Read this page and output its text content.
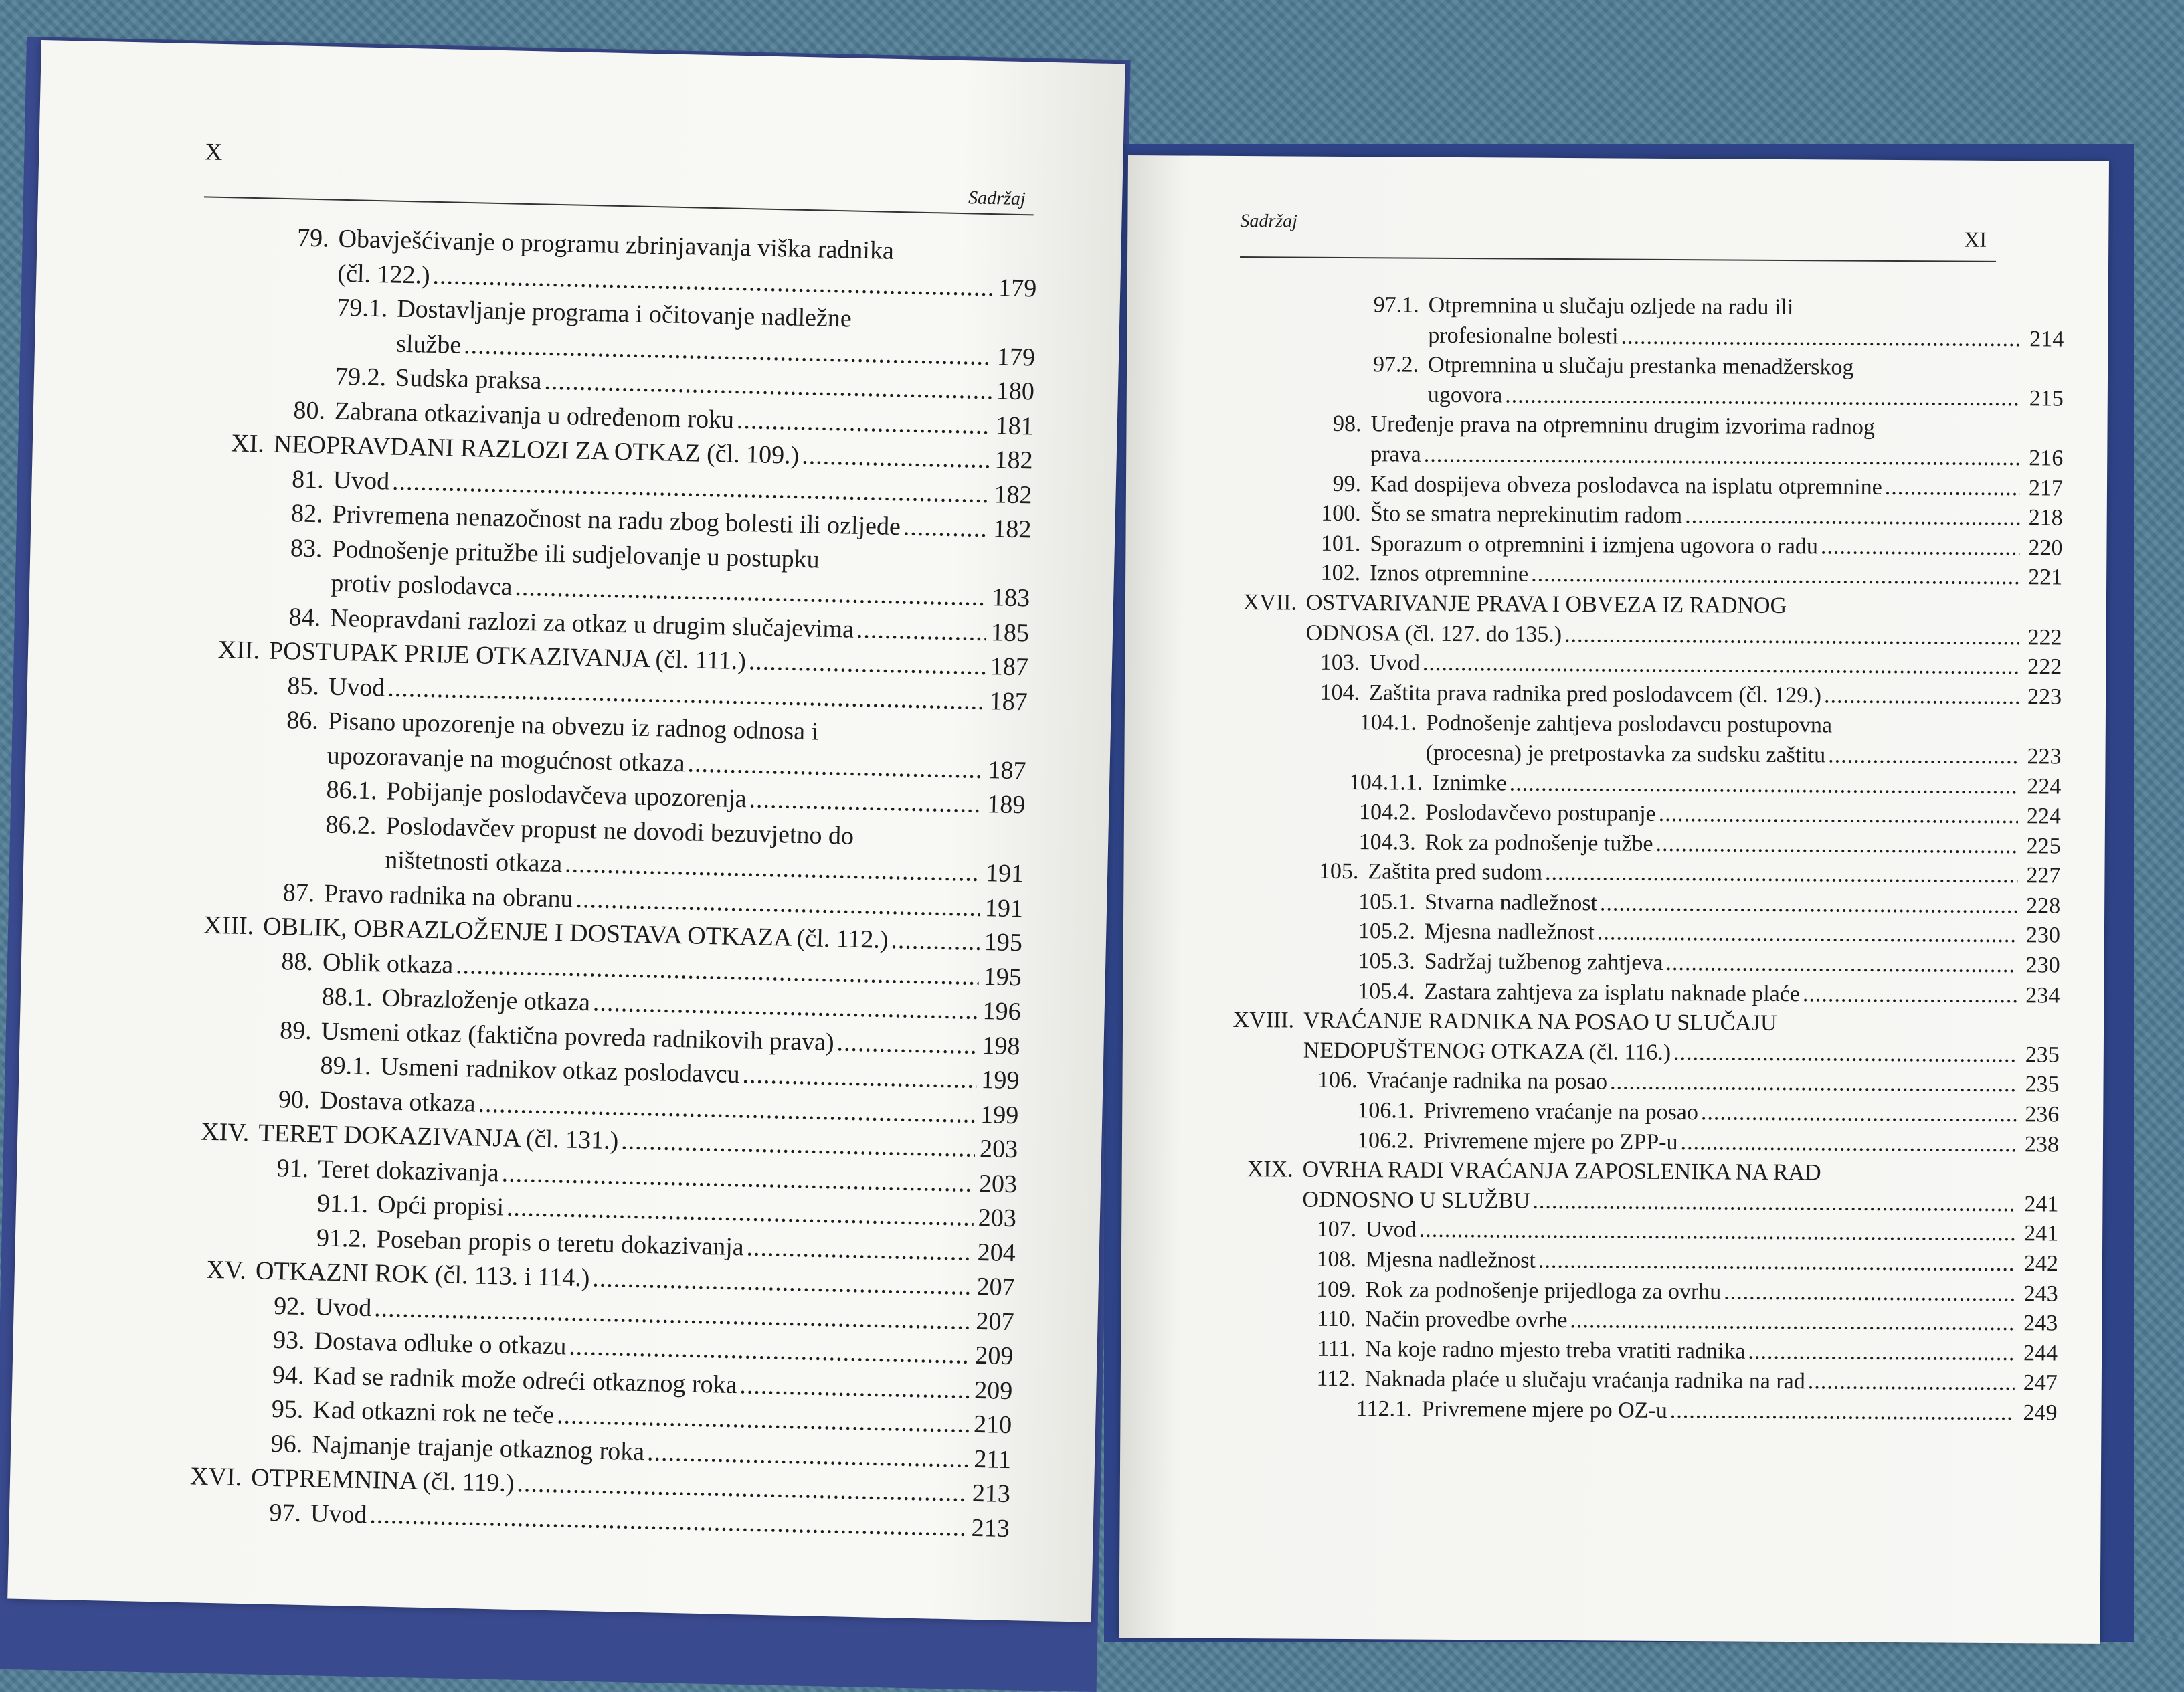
X
Sadržaj
79. Obavješćivanje o programu zbrinjavanja viška radnika
(čl. 122.) .....	179
79.1. Dostavljanje programa i očitovanje nadležne
službe .....	179
79.2. Sudska praksa .....	180
80. Zabrana otkazivanja u određenom roku .....	181
XI. NEOPRAVDANI RAZLOZI ZA OTKAZ (čl. 109.) .....	182
81. Uvod .....	182
82. Privremena nenazočnost na radu zbog bolesti ili ozljede .....	182
83. Podnošenje pritužbe ili sudjelovanje u postupku
protiv poslodavca .....	183
84. Neopravdani razlozi za otkaz u drugim slučajevima .....	185
XII. POSTUPAK PRIJE OTKAZIVANJA (čl. 111.) .....	187
85. Uvod .....	187
86. Pisano upozorenje na obvezu iz radnog odnosa i
upozoravanje na mogućnost otkaza .....	187
86.1. Pobijanje poslodavčeva upozorenja .....	189
86.2. Poslodavčev propust ne dovodi bezuvjetno do
ništetnosti otkaza .....	191
87. Pravo radnika na obranu .....	191
XIII. OBLIK, OBRAZLOŽENJE I DOSTAVA OTKAZA (čl. 112.) .....	195
88. Oblik otkaza .....	195
88.1. Obrazloženje otkaza .....	196
89. Usmeni otkaz (faktična povreda radnikovih prava) .....	198
89.1. Usmeni radnikov otkaz poslodavcu .....	199
90. Dostava otkaza .....	199
XIV. TERET DOKAZIVANJA (čl. 131.) .....	203
91. Teret dokazivanja .....	203
91.1. Opći propisi .....	203
91.2. Poseban propis o teretu dokazivanja .....	204
XV. OTKAZNI ROK (čl. 113. i 114.) .....	207
92. Uvod .....	207
93. Dostava odluke o otkazu .....	209
94. Kad se radnik može odreći otkaznog roka .....	209
95. Kad otkazni rok ne teče .....	210
96. Najmanje trajanje otkaznog roka .....	211
XVI. OTPREMNINA (čl. 119.) .....	213
97. Uvod .....	213
Sadržaj
XI
97.1. Otpremnina u slučaju ozljede na radu ili
profesionalne bolesti .....	214
97.2. Otpremnina u slučaju prestanka menadžerskog
ugovora .....	215
98. Uređenje prava na otpremninu drugim izvorima radnog
prava .....	216
99. Kad dospijeva obveza poslodavca na isplatu otpremnine .....	217
100. Što se smatra neprekinutim radom .....	218
101. Sporazum o otpremnini i izmjena ugovora o radu .....	220
102. Iznos otpremnine .....	221
XVII. OSTVARIVANJE PRAVA I OBVEZA IZ RADNOG
ODNOSA (čl. 127. do 135.) .....	222
103. Uvod .....	222
104. Zaštita prava radnika pred poslodavcem (čl. 129.) .....	223
104.1. Podnošenje zahtjeva poslodavcu postupovna
(procesna) je pretpostavka za sudsku zaštitu .....	223
104.1.1. Iznimke .....	224
104.2. Poslodavčevo postupanje .....	224
104.3. Rok za podnošenje tužbe .....	225
105. Zaštita pred sudom .....	227
105.1. Stvarna nadležnost .....	228
105.2. Mjesna nadležnost .....	230
105.3. Sadržaj tužbenog zahtjeva .....	230
105.4. Zastara zahtjeva za isplatu naknade plaće .....	234
XVIII. VRAĆANJE RADNIKA NA POSAO U SLUČAJU
NEDOPUŠTENOG OTKAZA (čl. 116.) .....	235
106. Vraćanje radnika na posao .....	235
106.1. Privremeno vraćanje na posao .....	236
106.2. Privremene mjere po ZPP-u .....	238
XIX. OVRHA RADI VRAĆANJA ZAPOSLENIKA NA RAD
ODNOSNO U SLUŽBU .....	241
107. Uvod .....	241
108. Mjesna nadležnost .....	242
109. Rok za podnošenje prijedloga za ovrhu .....	243
110. Način provedbe ovrhe .....	243
111. Na koje radno mjesto treba vratiti radnika .....	244
112. Naknada plaće u slučaju vraćanja radnika na rad .....	247
112.1. Privremene mjere po OZ-u .....	249
